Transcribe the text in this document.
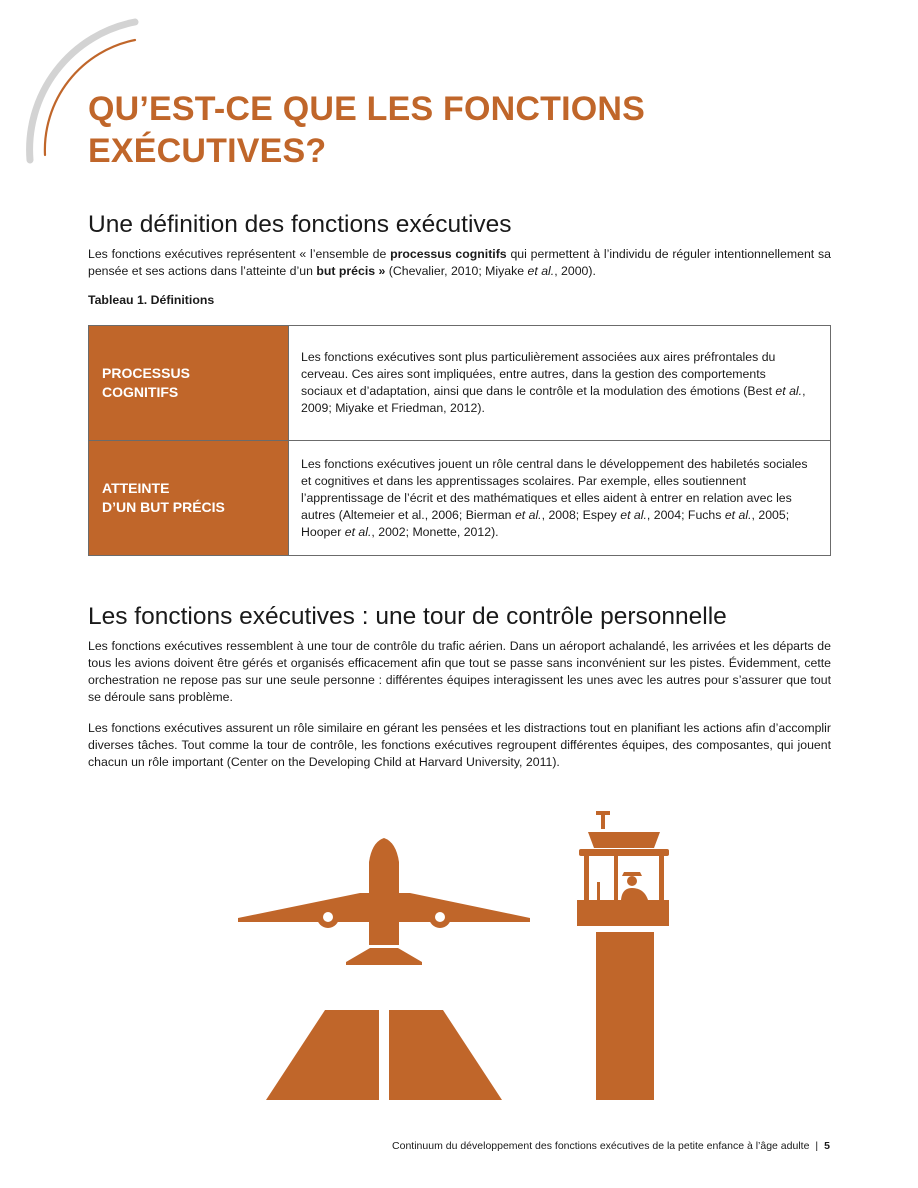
QU’EST-CE QUE LES FONCTIONS
EXÉCUTIVES?
Une définition des fonctions exécutives
Les fonctions exécutives représentent « l’ensemble de processus cognitifs qui permettent à l’individu de réguler intentionnellement sa pensée et ses actions dans l’atteinte d’un but précis » (Chevalier, 2010; Miyake et al., 2000).
Tableau 1. Définitions
PROCESSUS
COGNITIFS	Les fonctions exécutives sont plus particulièrement associées aux aires préfrontales du cerveau. Ces aires sont impliquées, entre autres, dans la gestion des comportements sociaux et d’adaptation, ainsi que dans le contrôle et la modulation des émotions (Best et al., 2009; Miyake et Friedman, 2012).
ATTEINTE
D’UN BUT PRÉCIS	Les fonctions exécutives jouent un rôle central dans le développement des habiletés sociales et cognitives et dans les apprentissages scolaires. Par exemple, elles soutiennent l’apprentissage de l’écrit et des mathématiques et elles aident à entrer en relation avec les autres (Altemeier et al., 2006; Bierman et al., 2008; Espey et al., 2004; Fuchs et al., 2005; Hooper et al., 2002; Monette, 2012).
Les fonctions exécutives : une tour de contrôle personnelle
Les fonctions exécutives ressemblent à une tour de contrôle du trafic aérien. Dans un aéroport achalandé, les arrivées et les départs de tous les avions doivent être gérés et organisés efficacement afin que tout se passe sans inconvénient sur les pistes. Évidemment, cette orchestration ne repose pas sur une seule personne : différentes équipes interagissent les unes avec les autres pour s’assurer que tout se déroule sans problème.
Les fonctions exécutives assurent un rôle similaire en gérant les pensées et les distractions tout en planifiant les actions afin d’accomplir diverses tâches. Tout comme la tour de contrôle, les fonctions exécutives regroupent différentes équipes, des composantes, qui jouent chacun un rôle important (Center on the Developing Child at Harvard University, 2011).
Continuum du développement des fonctions exécutives de la petite enfance à l’âge adulte | 5
